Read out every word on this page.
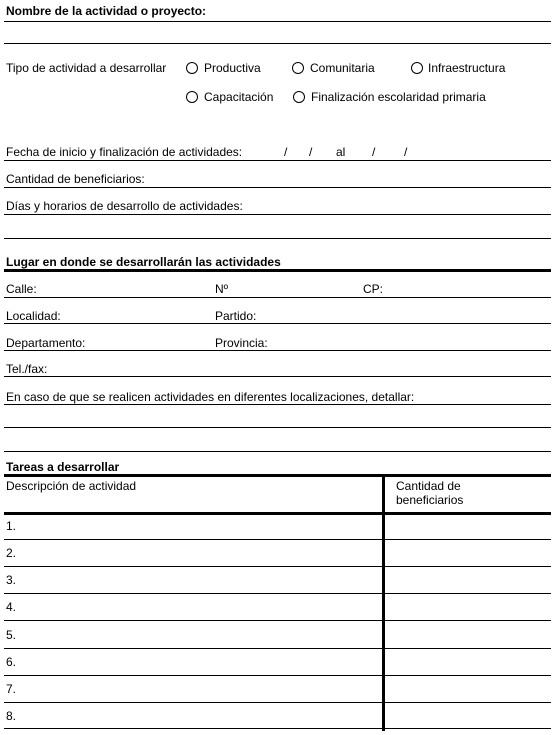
Nombre de la actividad o proyecto:
Tipo de actividad a desarrollar	Productiva	Comunitaria	Infraestructura
Capacitación	Finalización escolaridad primaria
Fecha de inicio y finalización de actividades:	/ / al / /
Cantidad de beneficiarios:
Días y horarios de desarrollo de actividades:
Lugar en donde se desarrollarán las actividades
Calle:	Nº	CP:
Localidad:	Partido:
Departamento:	Provincia:
Tel./fax:
En caso de que se realicen actividades en diferentes localizaciones, detallar:
Tareas a desarrollar
Descripción de actividad	Cantidad de
beneficiarios
1.
2.
3.
4.
5.
6.
7.
8.
